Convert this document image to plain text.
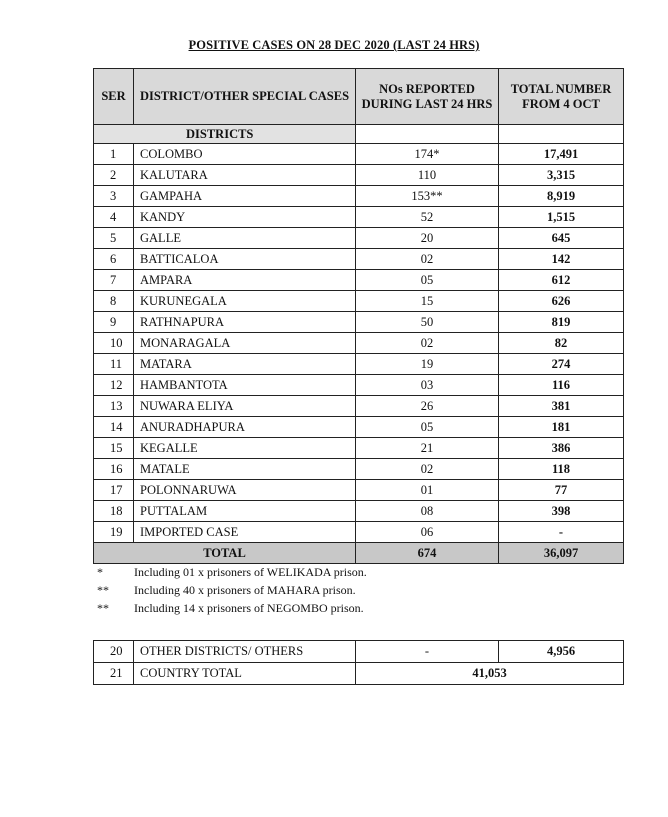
POSITIVE CASES ON 28 DEC 2020 (LAST 24 HRS)
SER	DISTRICT/OTHER SPECIAL CASES	NOs REPORTED DURING LAST 24 HRS	TOTAL NUMBER FROM 4 OCT
DISTRICTS			
1	COLOMBO	174*	17,491
2	KALUTARA	110	3,315
3	GAMPAHA	153**	8,919
4	KANDY	52	1,515
5	GALLE	20	645
6	BATTICALOA	02	142
7	AMPARA	05	612
8	KURUNEGALA	15	626
9	RATHNAPURA	50	819
10	MONARAGALA	02	82
11	MATARA	19	274
12	HAMBANTOTA	03	116
13	NUWARA ELIYA	26	381
14	ANURADHAPURA	05	181
15	KEGALLE	21	386
16	MATALE	02	118
17	POLONNARUWA	01	77
18	PUTTALAM	08	398
19	IMPORTED CASE	06	-
TOTAL		674	36,097
*	Including 01 x prisoners of WELIKADA prison.
** Including 40 x prisoners of MAHARA prison.
** Including 14 x prisoners of NEGOMBO prison.
20	OTHER DISTRICTS/ OTHERS	-	4,956
21	COUNTRY TOTAL	41,053	
